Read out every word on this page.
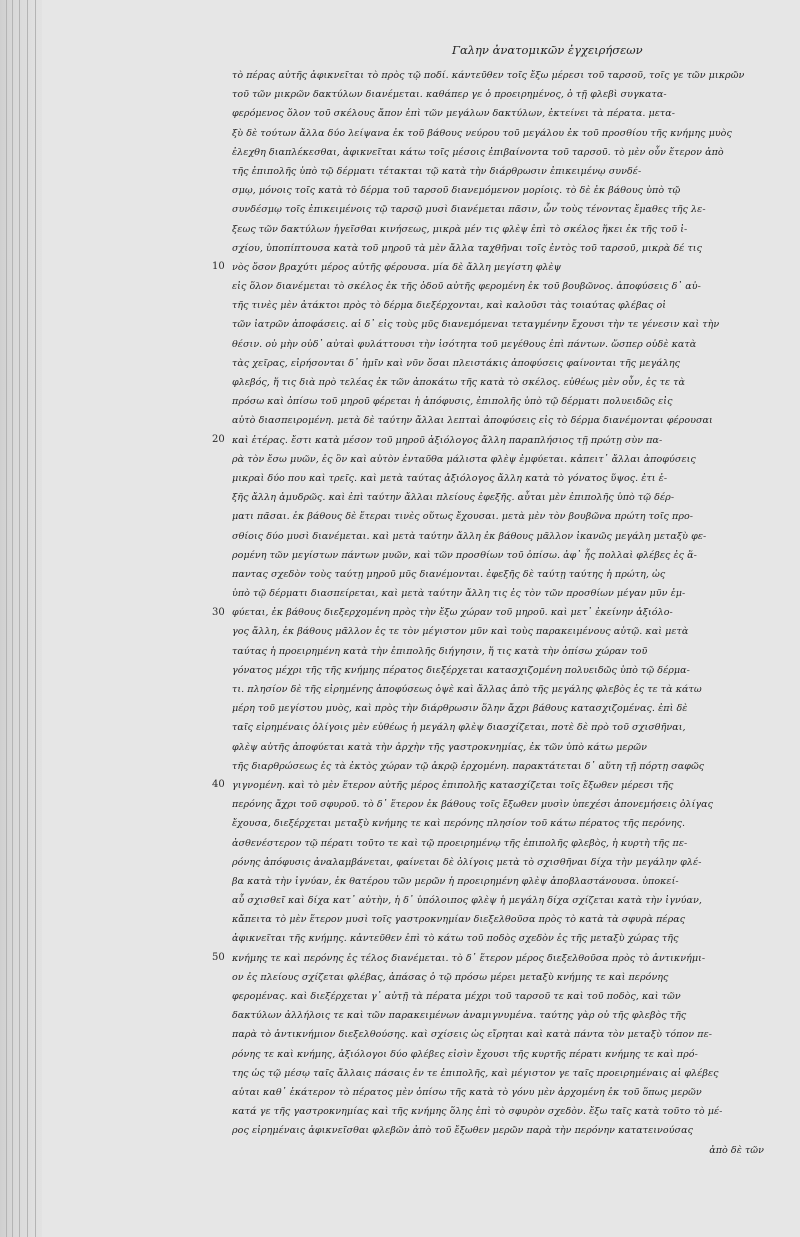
Γαλην ἀνατομικῶν ἐγχειρήσεων
10
20
30
40
50
τὸ πέρας αὐτῆς ἀφικνεῖται τὸ πρὸς τῷ ποδί. κάντεῦθεν τοῖς ἔξω μέρεσι τοῦ ταρσοῦ, τοῖς γε τῶν μικρῶν
τοῦ τῶν μικρῶν δακτύλων διανέμεται. καθάπερ γε ὁ προειρημένος, ὁ τῇ φλεβὶ συγκατα-
φερόμενος ὅλον τοῦ σκέλους ἄπον ἐπὶ τῶν μεγάλων δακτύλων, ἐκτείνει τὰ πέρατα. μετα-
ξὺ δὲ τούτων ἄλλα δύο λείψανα ἐκ τοῦ βάθους νεύρου τοῦ μεγάλου ἐκ τοῦ προσθίου τῆς κνήμης μυὸς
ἐλεχθη διαπλέκεσθαι, ἀφικνεῖται κάτω τοῖς μέσοις ἐπιβαίνοντα τοῦ ταρσοῦ. τὸ μὲν οὖν ἕτερον ἀπὸ
τῆς ἐπιπολῆς ὑπὸ τῷ δέρματι τέτακται τῷ κατὰ τὴν διάρθρωσιν ἐπικειμένῳ συνδέ-
σμῳ, μόνοις τοῖς κατὰ τὸ δέρμα τοῦ ταρσοῦ διανεμόμενον μορίοις. τὸ δὲ ἐκ βάθους ὑπὸ τῷ
συνδέσμῳ τοῖς ἐπικειμένοις τῷ ταρσῷ μυσὶ διανέμεται πᾶσιν, ὧν τοὺς τένοντας ἔμαθες τῆς λε-
ξεως τῶν δακτύλων ἡγεῖσθαι κινήσεως, μικρὰ μέν τις φλὲψ ἐπὶ τὸ σκέλος ἥκει ἐκ τῆς τοῦ ἰ-
σχίου, ὑποπίπτουσα κατὰ τοῦ μηροῦ τὰ μὲν ἄλλα ταχθῆναι τοῖς ἐντὸς τοῦ ταρσοῦ, μικρὰ δέ τις
νὸς ὅσον βραχύτι μέρος αὐτῆς φέρουσα. μία δὲ ἄλλη μεγίστη φλὲψ
εἰς ὅλον διανέμεται τὸ σκέλος ἐκ τῆς ὁδοῦ αὐτῆς φερομένη ἐκ τοῦ βουβῶνος. ἀποφύσεις δ᾽ αὐ-
τῆς τινὲς μὲν ἀτάκτοι πρὸς τὸ δέρμα διεξέρχονται, καὶ καλοῦσι τὰς τοιαύτας φλέβας οἱ
τῶν ἰατρῶν ἀποφάσεις. αἱ δ᾽ εἰς τοὺς μῦς διανεμόμεναι τεταγμένην ἔχουσι τὴν τε γένεσιν καὶ τὴν
θέσιν. οὐ μὴν οὐδ᾽ αὐταὶ φυλάττουσι τὴν ἰσότητα τοῦ μεγέθους ἐπὶ πάντων. ὥσπερ οὐδὲ κατὰ
τὰς χεῖρας, εἰρήσονται δ᾽ ἡμῖν καὶ νῦν ὅσαι πλειστάκις ἀποφύσεις φαίνονται τῆς μεγάλης
φλεβός, ἥ τις διὰ πρὸ τελέας ἐκ τῶν ἀποκάτω τῆς κατὰ τὸ σκέλος. εὐθέως μὲν οὖν, ἐς τε τὰ
πρόσω καὶ ὀπίσω τοῦ μηροῦ φέρεται ἡ ἀπόφυσις, ἐπιπολῆς ὑπὸ τῷ δέρματι πολυειδῶς εἰς
αὐτὸ διασπειρομένη. μετὰ δὲ ταύτην ἄλλαι λεπταὶ ἀποφύσεις εἰς τὸ δέρμα διανέμονται φέρουσαι
καὶ ἑτέρας. ἔστι κατὰ μέσον τοῦ μηροῦ ἀξιόλογος ἄλλη παραπλήσιος τῇ πρώτῃ σὺν πα-
ρὰ τὸν ἔσω μυῶν, ἐς ὃν καὶ αὐτὸν ἐνταῦθα μάλιστα φλὲψ ἐμφύεται. κἀπειτ᾽ ἄλλαι ἀποφύσεις
μικραὶ δύο που καὶ τρεῖς. καὶ μετὰ ταύτας ἀξιόλογος ἄλλη κατὰ τὸ γόνατος ὕψος. ἐτι ἐ-
ξῆς ἄλλη ἀμυδρῶς. καὶ ἐπὶ ταύτην ἄλλαι πλείους ἐφεξῆς. αὗται μὲν ἐπιπολῆς ὑπὸ τῷ δέρ-
ματι πᾶσαι. ἐκ βάθους δὲ ἕτεραι τινὲς οὕτως ἔχουσαι. μετὰ μὲν τὸν βουβῶνα πρώτη τοῖς προ-
σθίοις δύο μυσὶ διανέμεται. καὶ μετὰ ταύτην ἄλλη ἐκ βάθους μᾶλλον ἰκανῶς μεγάλη μεταξὺ φε-
ρομένη τῶν μεγίστων πάντων μυῶν, καὶ τῶν προσθίων τοῦ ὀπίσω. ἀφ᾽ ἧς πολλαὶ φλέβες ἐς ἅ-
παντας σχεδὸν τοὺς ταύτῃ μηροῦ μῦς διανέμονται. ἐφεξῆς δὲ ταύτῃ ταύτης ἡ πρώτη, ὡς
ὑπὸ τῷ δέρματι διασπείρεται, καὶ μετὰ ταύτην ἄλλη τις ἐς τὸν τῶν προσθίων μέγαν μῦν ἐμ-
φύεται, ἐκ βάθους διεξερχομένη πρὸς τὴν ἔξω χώραν τοῦ μηροῦ. καὶ μετ᾽ ἐκείνην ἀξιόλο-
γος ἄλλη, ἐκ βάθους μᾶλλον ἐς τε τὸν μέγιστον μῦν καὶ τοὺς παρακειμένους αὐτῷ. καὶ μετὰ
ταύτας ἡ προειρημένη κατὰ τὴν ἐπιπολῆς διήγησιν, ἥ τις κατὰ τὴν ὀπίσω χώραν τοῦ
γόνατος μέχρι τῆς τῆς κνήμης πέρατος διεξέρχεται κατασχιζομένη πολυειδῶς ὑπὸ τῷ δέρμα-
τι. πλησίον δὲ τῆς εἰρημένης ἀποφύσεως ὀψὲ καὶ ἄλλας ἀπὸ τῆς μεγάλης φλεβὸς ἐς τε τὰ κάτω
μέρη τοῦ μεγίστου μυὸς, καὶ πρὸς τὴν διάρθρωσιν ὅλην ἄχρι βάθους κατασχιζομένας. ἐπὶ δὲ
ταῖς εἰρημέναις ὀλίγοις μὲν εὐθέως ἡ μεγάλη φλὲψ διασχίζεται, ποτὲ δὲ πρὸ τοῦ σχισθῆναι,
φλὲψ αὐτῆς ἀποφύεται κατὰ τὴν ἀρχὴν τῆς γαστροκνημίας, ἐκ τῶν ὑπὸ κάτω μερῶν
τῆς διαρθρώσεως ἐς τὰ ἐκτὸς χώραν τῷ ἀκρῷ ἐρχομένη. παρακτάτεται δ᾽ αὕτη τῇ πόρτῃ σαφῶς
γιγνομένη. καὶ τὸ μὲν ἕτερον αὐτῆς μέρος ἐπιπολῆς κατασχίζεται τοῖς ἔξωθεν μέρεσι τῆς
περόνης ἄχρι τοῦ σφυροῦ. τὸ δ᾽ ἕτερον ἐκ βάθους τοῖς ἔξωθεν μυσὶν ὑπεχέσι ἀπονεμήσεις ὀλίγας
ἔχουσα, διεξέρχεται μεταξὺ κνήμης τε καὶ περόνης πλησίον τοῦ κάτω πέρατος τῆς περόνης.
ἀσθενέστερον τῷ πέρατι τοῦτο τε καὶ τῷ προειρημένῳ τῆς ἐπιπολῆς φλεβὸς, ἡ κυρτὴ τῆς πε-
ρόνης ἀπόφυσις ἀναλαμβάνεται, φαίνεται δὲ ὀλίγοις μετὰ τὸ σχισθῆναι δίχα τὴν μεγάλην φλέ-
βα κατὰ τὴν ἰγνύαν, ἐκ θατέρου τῶν μερῶν ἡ προειρημένη φλὲψ ἀποβλαστάνουσα. ὑποκεί-
αὖ σχισθεῖ καὶ δίχα κατ᾽ αὐτὴν, ἡ δ᾽ ὑπόλοιπος φλὲψ ἡ μεγάλη δίχα σχίζεται κατὰ τὴν ἰγνύαν,
κἄπειτα τὸ μὲν ἕτερον μυσὶ τοῖς γαστροκνημίαν διεξελθοῦσα πρὸς τὸ κατὰ τὰ σφυρὰ πέρας
ἀφικνεῖται τῆς κνήμης. κἀντεῦθεν ἐπὶ τὸ κάτω τοῦ ποδὸς σχεδὸν ἐς τῆς μεταξὺ χώρας τῆς
κνήμης τε καὶ περόνης ἐς τέλος διανέμεται. τὸ δ᾽ ἕτερον μέρος διεξελθοῦσα πρὸς τὸ ἀντικνήμι-
ον ἐς πλείους σχίζεται φλέβας, ἁπάσας ὁ τῷ πρόσω μέρει μεταξὺ κνήμης τε καὶ περόνης
φερομένας. καὶ διεξέρχεται γ᾽ αὐτῇ τὰ πέρατα μέχρι τοῦ ταρσοῦ τε καὶ τοῦ ποδὸς, καὶ τῶν
δακτύλων ἀλλήλοις τε καὶ τῶν παρακειμένων ἀναμιγνυμένα. ταύτης γὰρ οὐ τῆς φλεβὸς τῆς
παρὰ τὸ ἀντικνήμιον διεξελθούσης. καὶ σχίσεις ὡς εἴρηται καὶ κατὰ πάντα τὸν μεταξὺ τόπον πε-
ρόνης τε καὶ κνήμης, ἀξιόλογοι δύο φλέβες εἰσὶν ἔχουσι τῆς κυρτῆς πέρατι κνήμης τε καὶ πρό-
της ὡς τῷ μέσῳ ταῖς ἄλλαις πάσαις ἐν τε ἐπιπολῆς, καὶ μέγιστον γε ταῖς προειρημέναις αἱ φλέβες
αὐται καθ᾽ ἑκάτερον τὸ πέρατος μὲν ὀπίσω τῆς κατὰ τὸ γόνυ μὲν ἀρχομένη ἐκ τοῦ ὅπως μερῶν
κατά γε τῆς γαστροκνημίας καὶ τῆς κνήμης ὅλης ἐπὶ τὸ σφυρὸν σχεδὸν. ἔξω ταῖς κατὰ τοῦτο τὸ μέ-
ρος εἰρημέναις ἀφικνεῖσθαι φλεβῶν ἀπὸ τοῦ ἔξωθεν μερῶν παρὰ τὴν περόνην κατατεινούσας
ἀπὸ δὲ τῶν
